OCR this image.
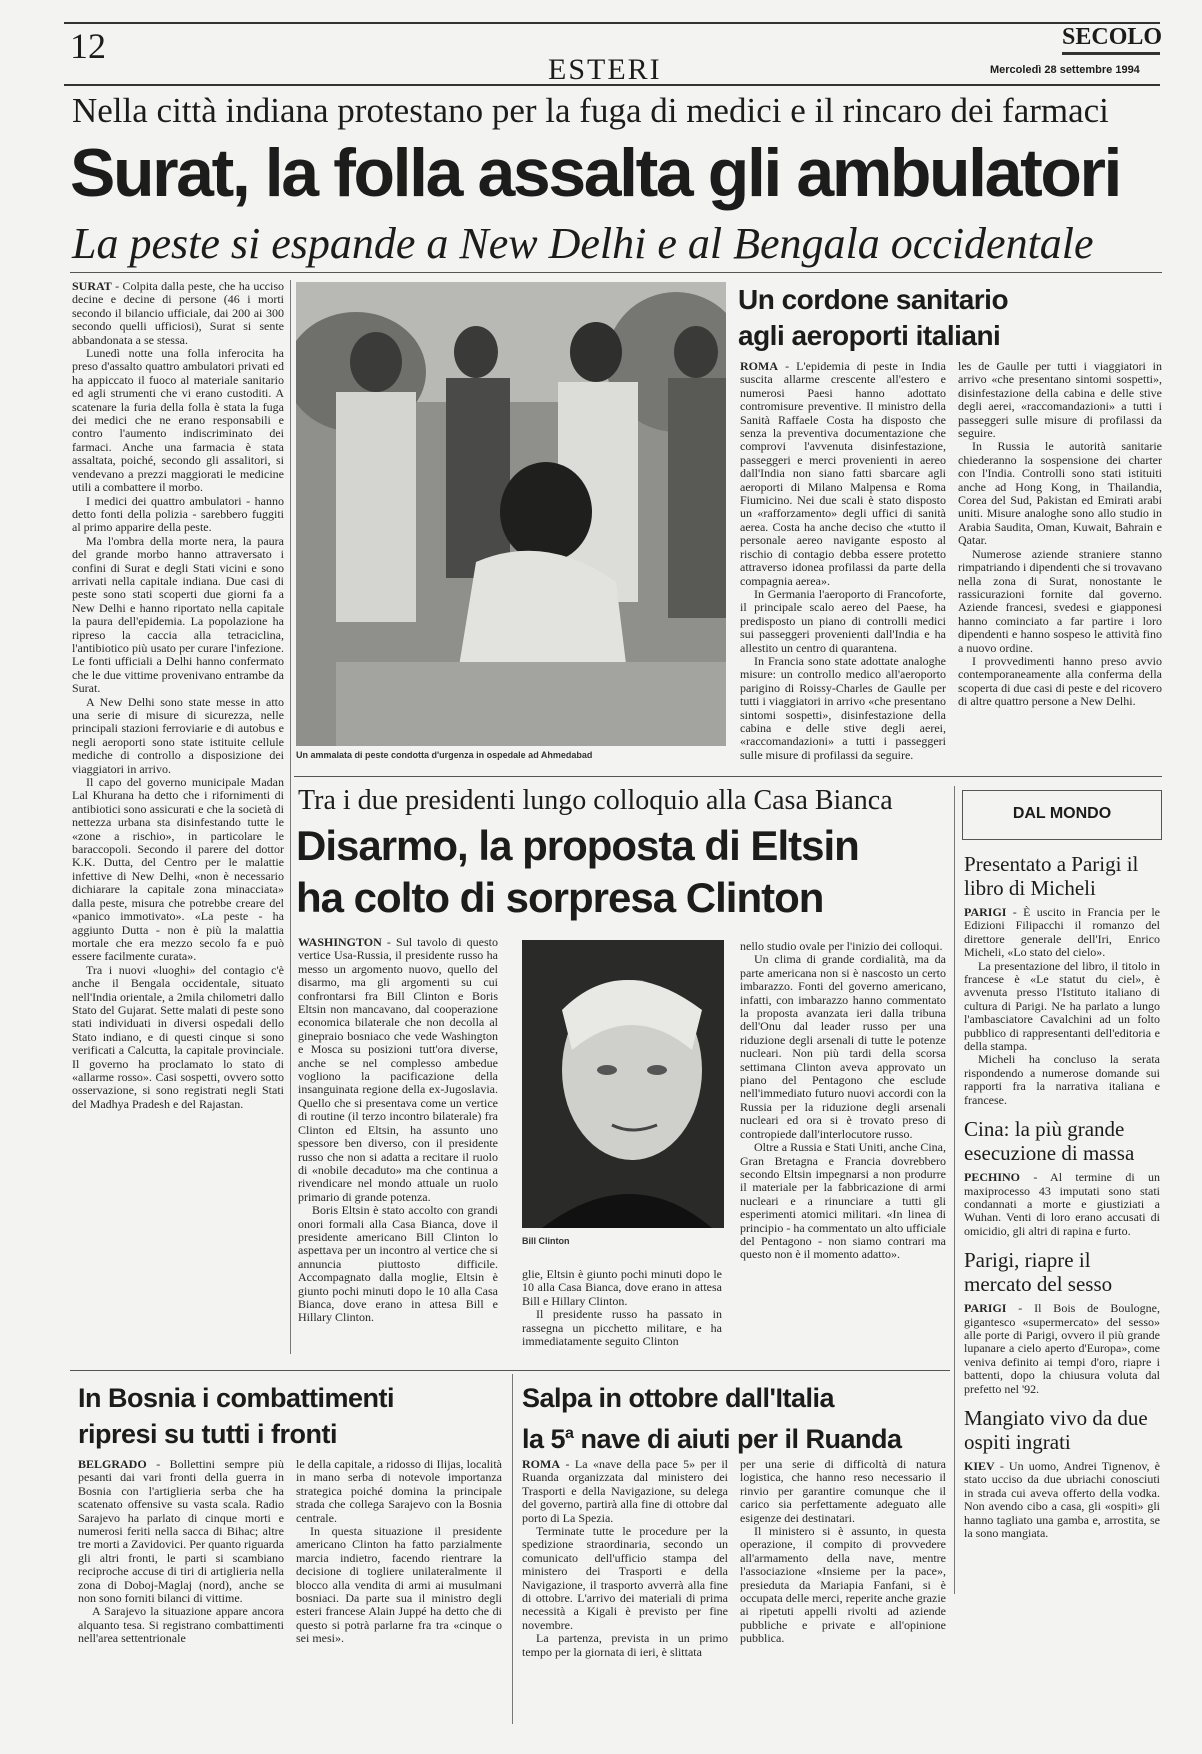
12
ESTERI
SECOLO
Mercoledì 28 settembre 1994
Nella città indiana protestano per la fuga di medici e il rincaro dei farmaci
Surat, la folla assalta gli ambulatori
La peste si espande a New Delhi e al Bengala occidentale

SURAT - Colpita dalla peste, che ha ucciso decine e decine di persone (46 i morti secondo il bilancio ufficiale, dai 200 ai 300 secondo quelli ufficiosi), Surat si sente abbandonata a se stessa.

Lunedì notte una folla inferocita ha preso d'assalto quattro ambulatori privati ed ha appiccato il fuoco al materiale sanitario ed agli strumenti che vi erano custoditi. A scatenare la furia della folla è stata la fuga dei medici che ne erano responsabili e contro l'aumento indiscriminato dei farmaci. Anche una farmacia è stata assaltata, poiché, secondo gli assalitori, si vendevano a prezzi maggiorati le medicine utili a combattere il morbo.

I medici dei quattro ambulatori - hanno detto fonti della polizia - sarebbero fuggiti al primo apparire della peste.

Ma l'ombra della morte nera, la paura del grande morbo hanno attraversato i confini di Surat e degli Stati vicini e sono arrivati nella capitale indiana. Due casi di peste sono stati scoperti due giorni fa a New Delhi e hanno riportato nella capitale la paura dell'epidemia. La popolazione ha ripreso la caccia alla tetraciclina, l'antibiotico più usato per curare l'infezione. Le fonti ufficiali a Delhi hanno confermato che le due vittime provenivano entrambe da Surat.

A New Delhi sono state messe in atto una serie di misure di sicurezza, nelle principali stazioni ferroviarie e di autobus e negli aeroporti sono state istituite cellule mediche di controllo a disposizione dei viaggiatori in arrivo.

Il capo del governo municipale Madan Lal Khurana ha detto che i rifornimenti di antibiotici sono assicurati e che la società di nettezza urbana sta disinfestando tutte le «zone a rischio», in particolare le baraccopoli. Secondo il parere del dottor K.K. Dutta, del Centro per le malattie infettive di New Delhi, «non è necessario dichiarare la capitale zona minacciata» dalla peste, misura che potrebbe creare del «panico immotivato». «La peste - ha aggiunto Dutta - non è più la malattia mortale che era mezzo secolo fa e può essere facilmente curata».

Tra i nuovi «luoghi» del contagio c'è anche il Bengala occidentale, situato nell'India orientale, a 2mila chilometri dallo Stato del Gujarat. Sette malati di peste sono stati individuati in diversi ospedali dello Stato indiano, e di questi cinque si sono verificati a Calcutta, la capitale provinciale. Il governo ha proclamato lo stato di «allarme rosso». Casi sospetti, ovvero sotto osservazione, si sono registrati negli Stati del Madhya Pradesh e del Rajastan.

Un ammalata di peste condotta d'urgenza in ospedale ad Ahmedabad
Un cordone sanitario
agli aeroporti italiani

ROMA - L'epidemia di peste in India suscita allarme crescente all'estero e numerosi Paesi hanno adottato contromisure preventive. Il ministro della Sanità Raffaele Costa ha disposto che senza la preventiva documentazione che comprovi l'avvenuta disinfestazione, passeggeri e merci provenienti in aereo dall'India non siano fatti sbarcare agli aeroporti di Milano Malpensa e Roma Fiumicino. Nei due scali è stato disposto un «rafforzamento» degli uffici di sanità aerea. Costa ha anche deciso che «tutto il personale aereo navigante esposto al rischio di contagio debba essere protetto attraverso idonea profilassi da parte della compagnia aerea».

In Germania l'aeroporto di Francoforte, il principale scalo aereo del Paese, ha predisposto un piano di controlli medici sui passeggeri provenienti dall'India e ha allestito un centro di quarantena.

In Francia sono state adottate analoghe misure: un controllo medico all'aeroporto parigino di Roissy-Charles de Gaulle per tutti i viaggiatori in arrivo «che presentano sintomi sospetti», disinfestazione della cabina e delle stive degli aerei, «raccomandazioni» a tutti i passeggeri sulle misure di profilassi da seguire.

les de Gaulle per tutti i viaggiatori in arrivo «che presentano sintomi sospetti», disinfestazione della cabina e delle stive degli aerei, «raccomandazioni» a tutti i passeggeri sulle misure di profilassi da seguire.

In Russia le autorità sanitarie chiederanno la sospensione dei charter con l'India. Controlli sono stati istituiti anche ad Hong Kong, in Thailandia, Corea del Sud, Pakistan ed Emirati arabi uniti. Misure analoghe sono allo studio in Arabia Saudita, Oman, Kuwait, Bahrain e Qatar.

Numerose aziende straniere stanno rimpatriando i dipendenti che si trovavano nella zona di Surat, nonostante le rassicurazioni fornite dal governo. Aziende francesi, svedesi e giapponesi hanno cominciato a far partire i loro dipendenti e hanno sospeso le attività fino a nuovo ordine.

I provvedimenti hanno preso avvio contemporaneamente alla conferma della scoperta di due casi di peste e del ricovero di altre quattro persone a New Delhi.

Tra i due presidenti lungo colloquio alla Casa Bianca
Disarmo, la proposta di Eltsin
ha colto di sorpresa Clinton

WASHINGTON - Sul tavolo di questo vertice Usa-Russia, il presidente russo ha messo un argomento nuovo, quello del disarmo, ma gli argomenti su cui confrontarsi fra Bill Clinton e Boris Eltsin non mancavano, dal cooperazione economica bilaterale che non decolla al ginepraio bosniaco che vede Washington e Mosca su posizioni tutt'ora diverse, anche se nel complesso ambedue vogliono la pacificazione della insanguinata regione della ex-Jugoslavia. Quello che si presentava come un vertice di routine (il terzo incontro bilaterale) fra Clinton ed Eltsin, ha assunto uno spessore ben diverso, con il presidente russo che non si adatta a recitare il ruolo di «nobile decaduto» ma che continua a rivendicare nel mondo attuale un ruolo primario di grande potenza.

Boris Eltsin è stato accolto con grandi onori formali alla Casa Bianca, dove il presidente americano Bill Clinton lo aspettava per un incontro al vertice che si annuncia piuttosto difficile. Accompagnato dalla moglie, Eltsin è giunto pochi minuti dopo le 10 alla Casa Bianca, dove erano in attesa Bill e Hillary Clinton.

Bill Clinton

glie, Eltsin è giunto pochi minuti dopo le 10 alla Casa Bianca, dove erano in attesa Bill e Hillary Clinton.

Il presidente russo ha passato in rassegna un picchetto militare, e ha immediatamente seguito Clinton

nello studio ovale per l'inizio dei colloqui.

Un clima di grande cordialità, ma da parte americana non si è nascosto un certo imbarazzo. Fonti del governo americano, infatti, con imbarazzo hanno commentato la proposta avanzata ieri dalla tribuna dell'Onu dal leader russo per una riduzione degli arsenali di tutte le potenze nucleari. Non più tardi della scorsa settimana Clinton aveva approvato un piano del Pentagono che esclude nell'immediato futuro nuovi accordi con la Russia per la riduzione degli arsenali nucleari ed ora si è trovato preso di contropiede dall'interlocutore russo.

Oltre a Russia e Stati Uniti, anche Cina, Gran Bretagna e Francia dovrebbero secondo Eltsin impegnarsi a non produrre il materiale per la fabbricazione di armi nucleari e a rinunciare a tutti gli esperimenti atomici militari. «In linea di principio - ha commentato un alto ufficiale del Pentagono - non siamo contrari ma questo non è il momento adatto».

DAL MONDO
Presentato a Parigi il libro di Micheli

PARIGI - È uscito in Francia per le Edizioni Filipacchi il romanzo del direttore generale dell'Iri, Enrico Micheli, «Lo stato del cielo».

La presentazione del libro, il titolo in francese è «Le statut du ciel», è avvenuta presso l'Istituto italiano di cultura di Parigi. Ne ha parlato a lungo l'ambasciatore Cavalchini ad un folto pubblico di rappresentanti dell'editoria e della stampa.

Micheli ha concluso la serata rispondendo a numerose domande sui rapporti fra la narrativa italiana e francese.

Cina: la più grande esecuzione di massa

PECHINO - Al termine di un maxiprocesso 43 imputati sono stati condannati a morte e giustiziati a Wuhan. Venti di loro erano accusati di omicidio, gli altri di rapina e furto.

Parigi, riapre il mercato del sesso

PARIGI - Il Bois de Boulogne, gigantesco «supermercato» del sesso» alle porte di Parigi, ovvero il più grande lupanare a cielo aperto d'Europa», come veniva definito ai tempi d'oro, riapre i battenti, dopo la chiusura voluta dal prefetto nel '92.

Mangiato vivo da due ospiti ingrati

KIEV - Un uomo, Andrei Tignenov, è stato ucciso da due ubriachi conosciuti in strada cui aveva offerto della vodka. Non avendo cibo a casa, gli «ospiti» gli hanno tagliato una gamba e, arrostita, se la sono mangiata.

In Bosnia i combattimenti
ripresi su tutti i fronti

BELGRADO - Bollettini sempre più pesanti dai vari fronti della guerra in Bosnia con l'artiglieria serba che ha scatenato offensive su vasta scala. Radio Sarajevo ha parlato di cinque morti e numerosi feriti nella sacca di Bihac; altre tre morti a Zavidovici. Per quanto riguarda gli altri fronti, le parti si scambiano reciproche accuse di tiri di artiglieria nella zona di Doboj-Maglaj (nord), anche se non sono forniti bilanci di vittime.

A Sarajevo la situazione appare ancora alquanto tesa. Si registrano combattimenti nell'area settentrionale

le della capitale, a ridosso di Ilijas, località in mano serba di notevole importanza strategica poiché domina la principale strada che collega Sarajevo con la Bosnia centrale.

In questa situazione il presidente americano Clinton ha fatto parzialmente marcia indietro, facendo rientrare la decisione di togliere unilateralmente il blocco alla vendita di armi ai musulmani bosniaci. Da parte sua il ministro degli esteri francese Alain Juppé ha detto che di questo si potrà parlarne fra tra «cinque o sei mesi».

Salpa in ottobre dall'Italia
la 5$^a$ nave di aiuti per il Ruanda

ROMA - La «nave della pace 5» per il Ruanda organizzata dal ministero dei Trasporti e della Navigazione, su delega del governo, partirà alla fine di ottobre dal porto di La Spezia.

Terminate tutte le procedure per la spedizione straordinaria, secondo un comunicato dell'ufficio stampa del ministero dei Trasporti e della Navigazione, il trasporto avverrà alla fine di ottobre. L'arrivo dei materiali di prima necessità a Kigali è previsto per fine novembre.

La partenza, prevista in un primo tempo per la giornata di ieri, è slittata

per una serie di difficoltà di natura logistica, che hanno reso necessario il rinvio per garantire comunque che il carico sia perfettamente adeguato alle esigenze dei destinatari.

Il ministero si è assunto, in questa operazione, il compito di provvedere all'armamento della nave, mentre l'associazione «Insieme per la pace», presieduta da Mariapia Fanfani, si è occupata delle merci, reperite anche grazie ai ripetuti appelli rivolti ad aziende pubbliche e private e all'opinione pubblica.
